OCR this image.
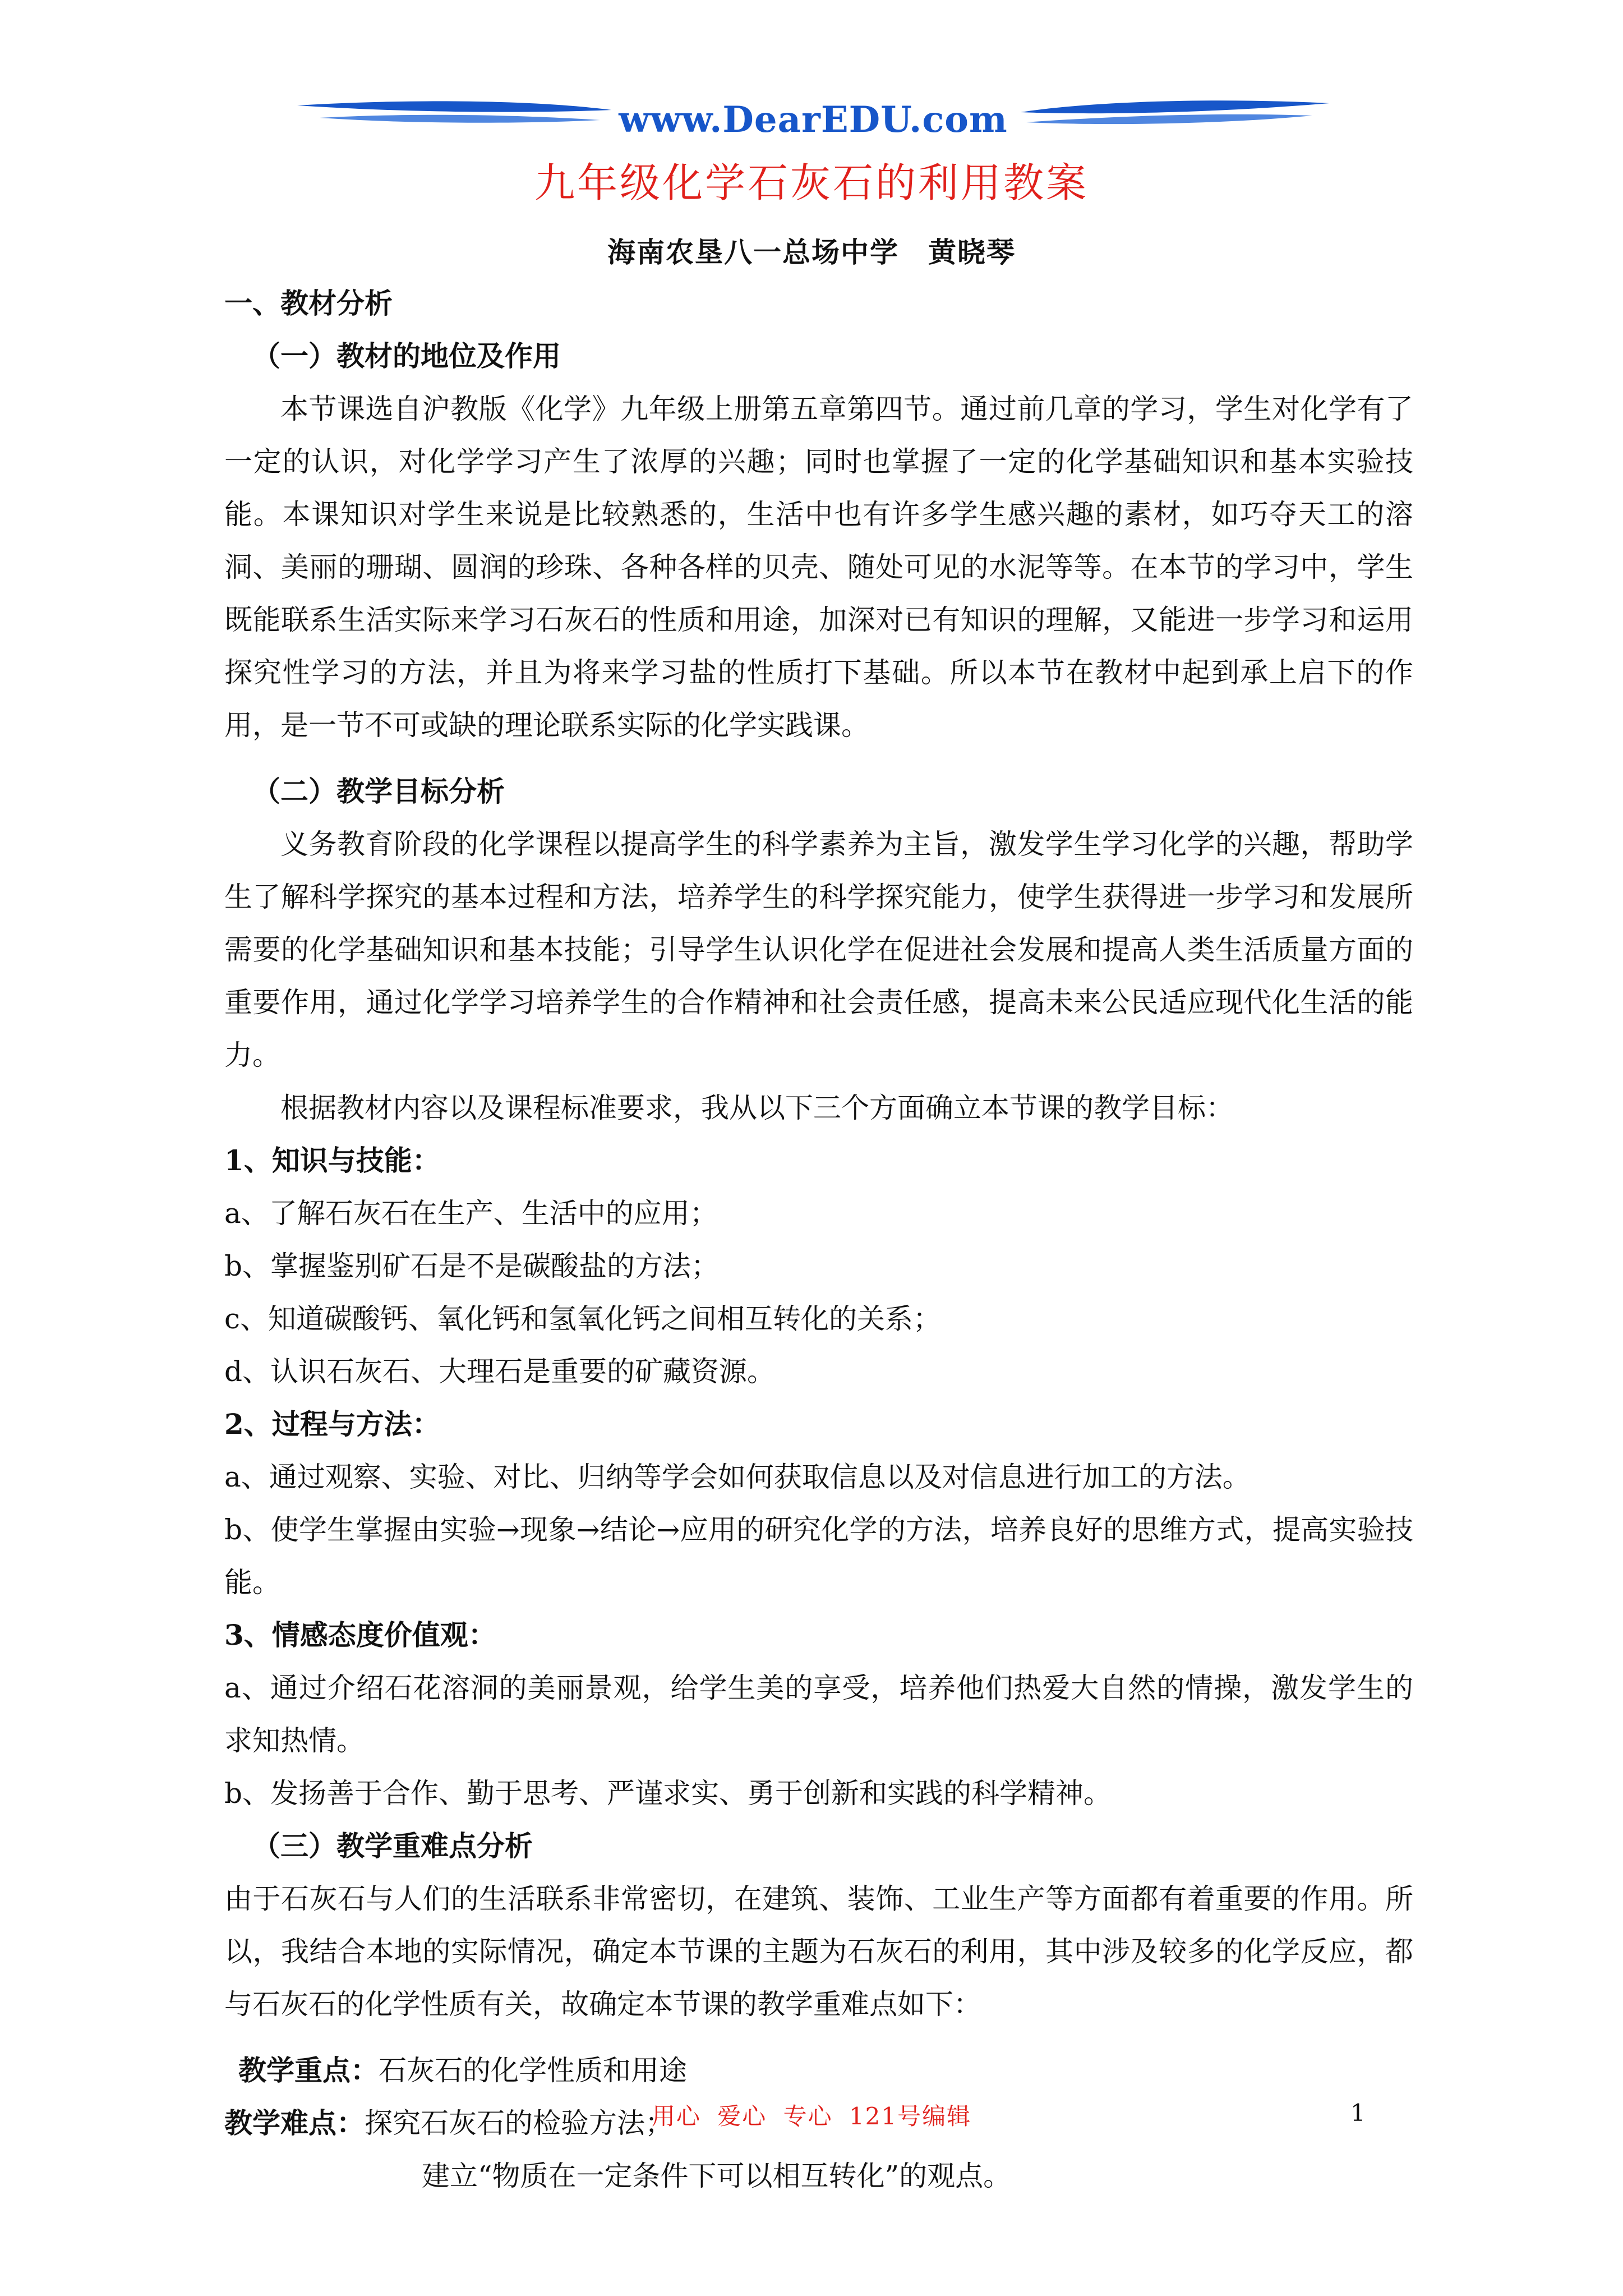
www.DearEDU.com
九年级化学石灰石的利用教案
海南农垦八一总场中学　黄晓琴

一、教材分析

（一）教材的地位及作用

本节课选自沪教版《化学》九年级上册第五章第四节。通过前几章的学习，学生对化学有了一定的认识，对化学学习产生了浓厚的兴趣；同时也掌握了一定的化学基础知识和基本实验技能。本课知识对学生来说是比较熟悉的，生活中也有许多学生感兴趣的素材，如巧夺天工的溶洞、美丽的珊瑚、圆润的珍珠、各种各样的贝壳、随处可见的水泥等等。在本节的学习中，学生既能联系生活实际来学习石灰石的性质和用途，加深对已有知识的理解，又能进一步学习和运用探究性学习的方法，并且为将来学习盐的性质打下基础。所以本节在教材中起到承上启下的作用，是一节不可或缺的理论联系实际的化学实践课。

（二）教学目标分析

义务教育阶段的化学课程以提高学生的科学素养为主旨，激发学生学习化学的兴趣，帮助学生了解科学探究的基本过程和方法，培养学生的科学探究能力，使学生获得进一步学习和发展所需要的化学基础知识和基本技能；引导学生认识化学在促进社会发展和提高人类生活质量方面的重要作用，通过化学学习培养学生的合作精神和社会责任感，提高未来公民适应现代化生活的能力。

根据教材内容以及课程标准要求，我从以下三个方面确立本节课的教学目标：

1、知识与技能：

a、了解石灰石在生产、生活中的应用；

b、掌握鉴别矿石是不是碳酸盐的方法；

c、知道碳酸钙、氧化钙和氢氧化钙之间相互转化的关系；

d、认识石灰石、大理石是重要的矿藏资源。

2、过程与方法：

a、通过观察、实验、对比、归纳等学会如何获取信息以及对信息进行加工的方法。

b、使学生掌握由实验→现象→结论→应用的研究化学的方法，培养良好的思维方式，提高实验技能。

3、情感态度价值观：

a、通过介绍石花溶洞的美丽景观，给学生美的享受，培养他们热爱大自然的情操，激发学生的求知热情。

b、发扬善于合作、勤于思考、严谨求实、勇于创新和实践的科学精神。

（三）教学重难点分析

由于石灰石与人们的生活联系非常密切，在建筑、装饰、工业生产等方面都有着重要的作用。所以，我结合本地的实际情况，确定本节课的主题为石灰石的利用，其中涉及较多的化学反应，都与石灰石的化学性质有关，故确定本节课的教学重难点如下：

教学重点：石灰石的化学性质和用途

教学难点：探究石灰石的检验方法；

建立“物质在一定条件下可以相互转化”的观点。

用心 爱心 专心 121号编辑	1
